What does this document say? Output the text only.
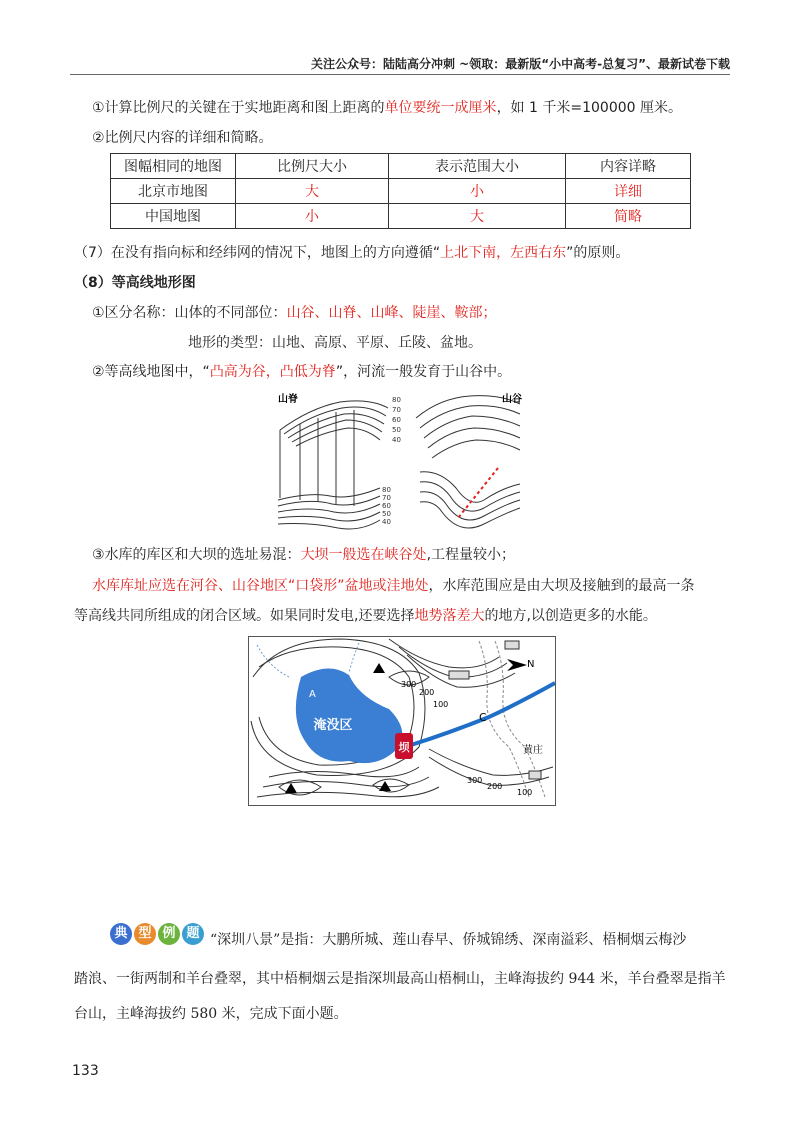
关注公众号：陆陆高分冲刺 ~领取：最新版“小中高考-总复习”、最新试卷下载
①计算比例尺的关键在于实地距离和图上距离的单位要统一成厘米，如 1 千米=100000 厘米。
②比例尺内容的详细和简略。
图幅相同的地图	比例尺大小	表示范围大小	内容详略
北京市地图	大	小	详细
中国地图	小	大	简略
（7）在没有指向标和经纬网的情况下，地图上的方向遵循“上北下南，左西右东”的原则。
（8）等高线地形图
①区分名称：山体的不同部位：山谷、山脊、山峰、陡崖、鞍部；
地形的类型：山地、高原、平原、丘陵、盆地。
②等高线地图中，“凸高为谷，凸低为脊”，河流一般发育于山谷中。
山脊	80
70
60
50
40
80
70
60
50
40
山谷
③水库的库区和大坝的选址易混：大坝一般选在峡谷处,工程量较小；
水库库址应选在河谷、山谷地区“口袋形”盆地或洼地处，水库范围应是由大坝及接触到的最高一条
等高线共同所组成的闭合区域。如果同时发电,还要选择地势落差大的地方,以创造更多的水能。
坝
淹没区
A
C
黄庄
N
300
200
100
300
200
100
典 型 例 题 “深圳八景”是指：大鹏所城、莲山春早、侨城锦绣、深南溢彩、梧桐烟云梅沙
踏浪、一街两制和羊台叠翠，其中梧桐烟云是指深圳最高山梧桐山，主峰海拔约 944 米，羊台叠翠是指羊
台山，主峰海拔约 580 米，完成下面小题。
133
